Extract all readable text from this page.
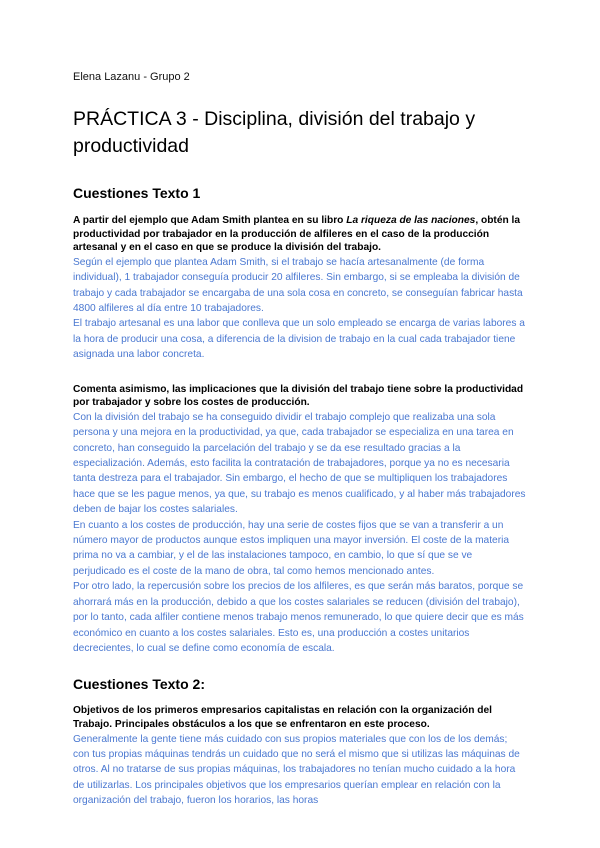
Elena Lazanu - Grupo 2

PRÁCTICA 3 - Disciplina, división del trabajo y
productividad
Cuestiones Texto 1

A partir del ejemplo que Adam Smith plantea en su libro La riqueza de las naciones, obtén la productividad por trabajador en la producción de alfileres en el caso de la producción artesanal y en el caso en que se produce la división del trabajo.

Según el ejemplo que plantea Adam Smith, si el trabajo se hacía artesanalmente (de forma individual), 1 trabajador conseguía producir 20 alfileres. Sin embargo, si se empleaba la división de trabajo y cada trabajador se encargaba de una sola cosa en concreto, se conseguían fabricar hasta 4800 alfileres al día entre 10 trabajadores.

El trabajo artesanal es una labor que conlleva que un solo empleado se encarga de varias labores a la hora de producir una cosa, a diferencia de la division de trabajo en la cual cada trabajador tiene asignada una labor concreta.

Comenta asimismo, las implicaciones que la división del trabajo tiene sobre la productividad por trabajador y sobre los costes de producción.

Con la división del trabajo se ha conseguido dividir el trabajo complejo que realizaba una sola persona y una mejora en la productividad, ya que, cada trabajador se especializa en una tarea en concreto, han conseguido la parcelación del trabajo y se da ese resultado gracias a la especialización. Además, esto facilita la contratación de trabajadores, porque ya no es necesaria tanta destreza para el trabajador. Sin embargo, el hecho de que se multipliquen los trabajadores hace que se les pague menos, ya que, su trabajo es menos cualificado, y al haber más trabajadores deben de bajar los costes salariales.

En cuanto a los costes de producción, hay una serie de costes fijos que se van a transferir a un número mayor de productos aunque estos impliquen una mayor inversión. El coste de la materia prima no va a cambiar, y el de las instalaciones tampoco, en cambio, lo que sí que se ve perjudicado es el coste de la mano de obra, tal como hemos mencionado antes.

Por otro lado, la repercusión sobre los precios de los alfileres, es que serán más baratos, porque se ahorrará más en la producción, debido a que los costes salariales se reducen (división del trabajo), por lo tanto, cada alfiler contiene menos trabajo menos remunerado, lo que quiere decir que es más económico en cuanto a los costes salariales. Esto es, una producción a costes unitarios decrecientes, lo cual se define como economía de escala.

Cuestiones Texto 2:

Objetivos de los primeros empresarios capitalistas en relación con la organización del Trabajo. Principales obstáculos a los que se enfrentaron en este proceso.

Generalmente la gente tiene más cuidado con sus propios materiales que con los de los demás; con tus propias máquinas tendrás un cuidado que no será el mismo que si utilizas las máquinas de otros. Al no tratarse de sus propias máquinas, los trabajadores no tenían mucho cuidado a la hora de utilizarlas. Los principales objetivos que los empresarios querían emplear en relación con la organización del trabajo, fueron los horarios, las horas
